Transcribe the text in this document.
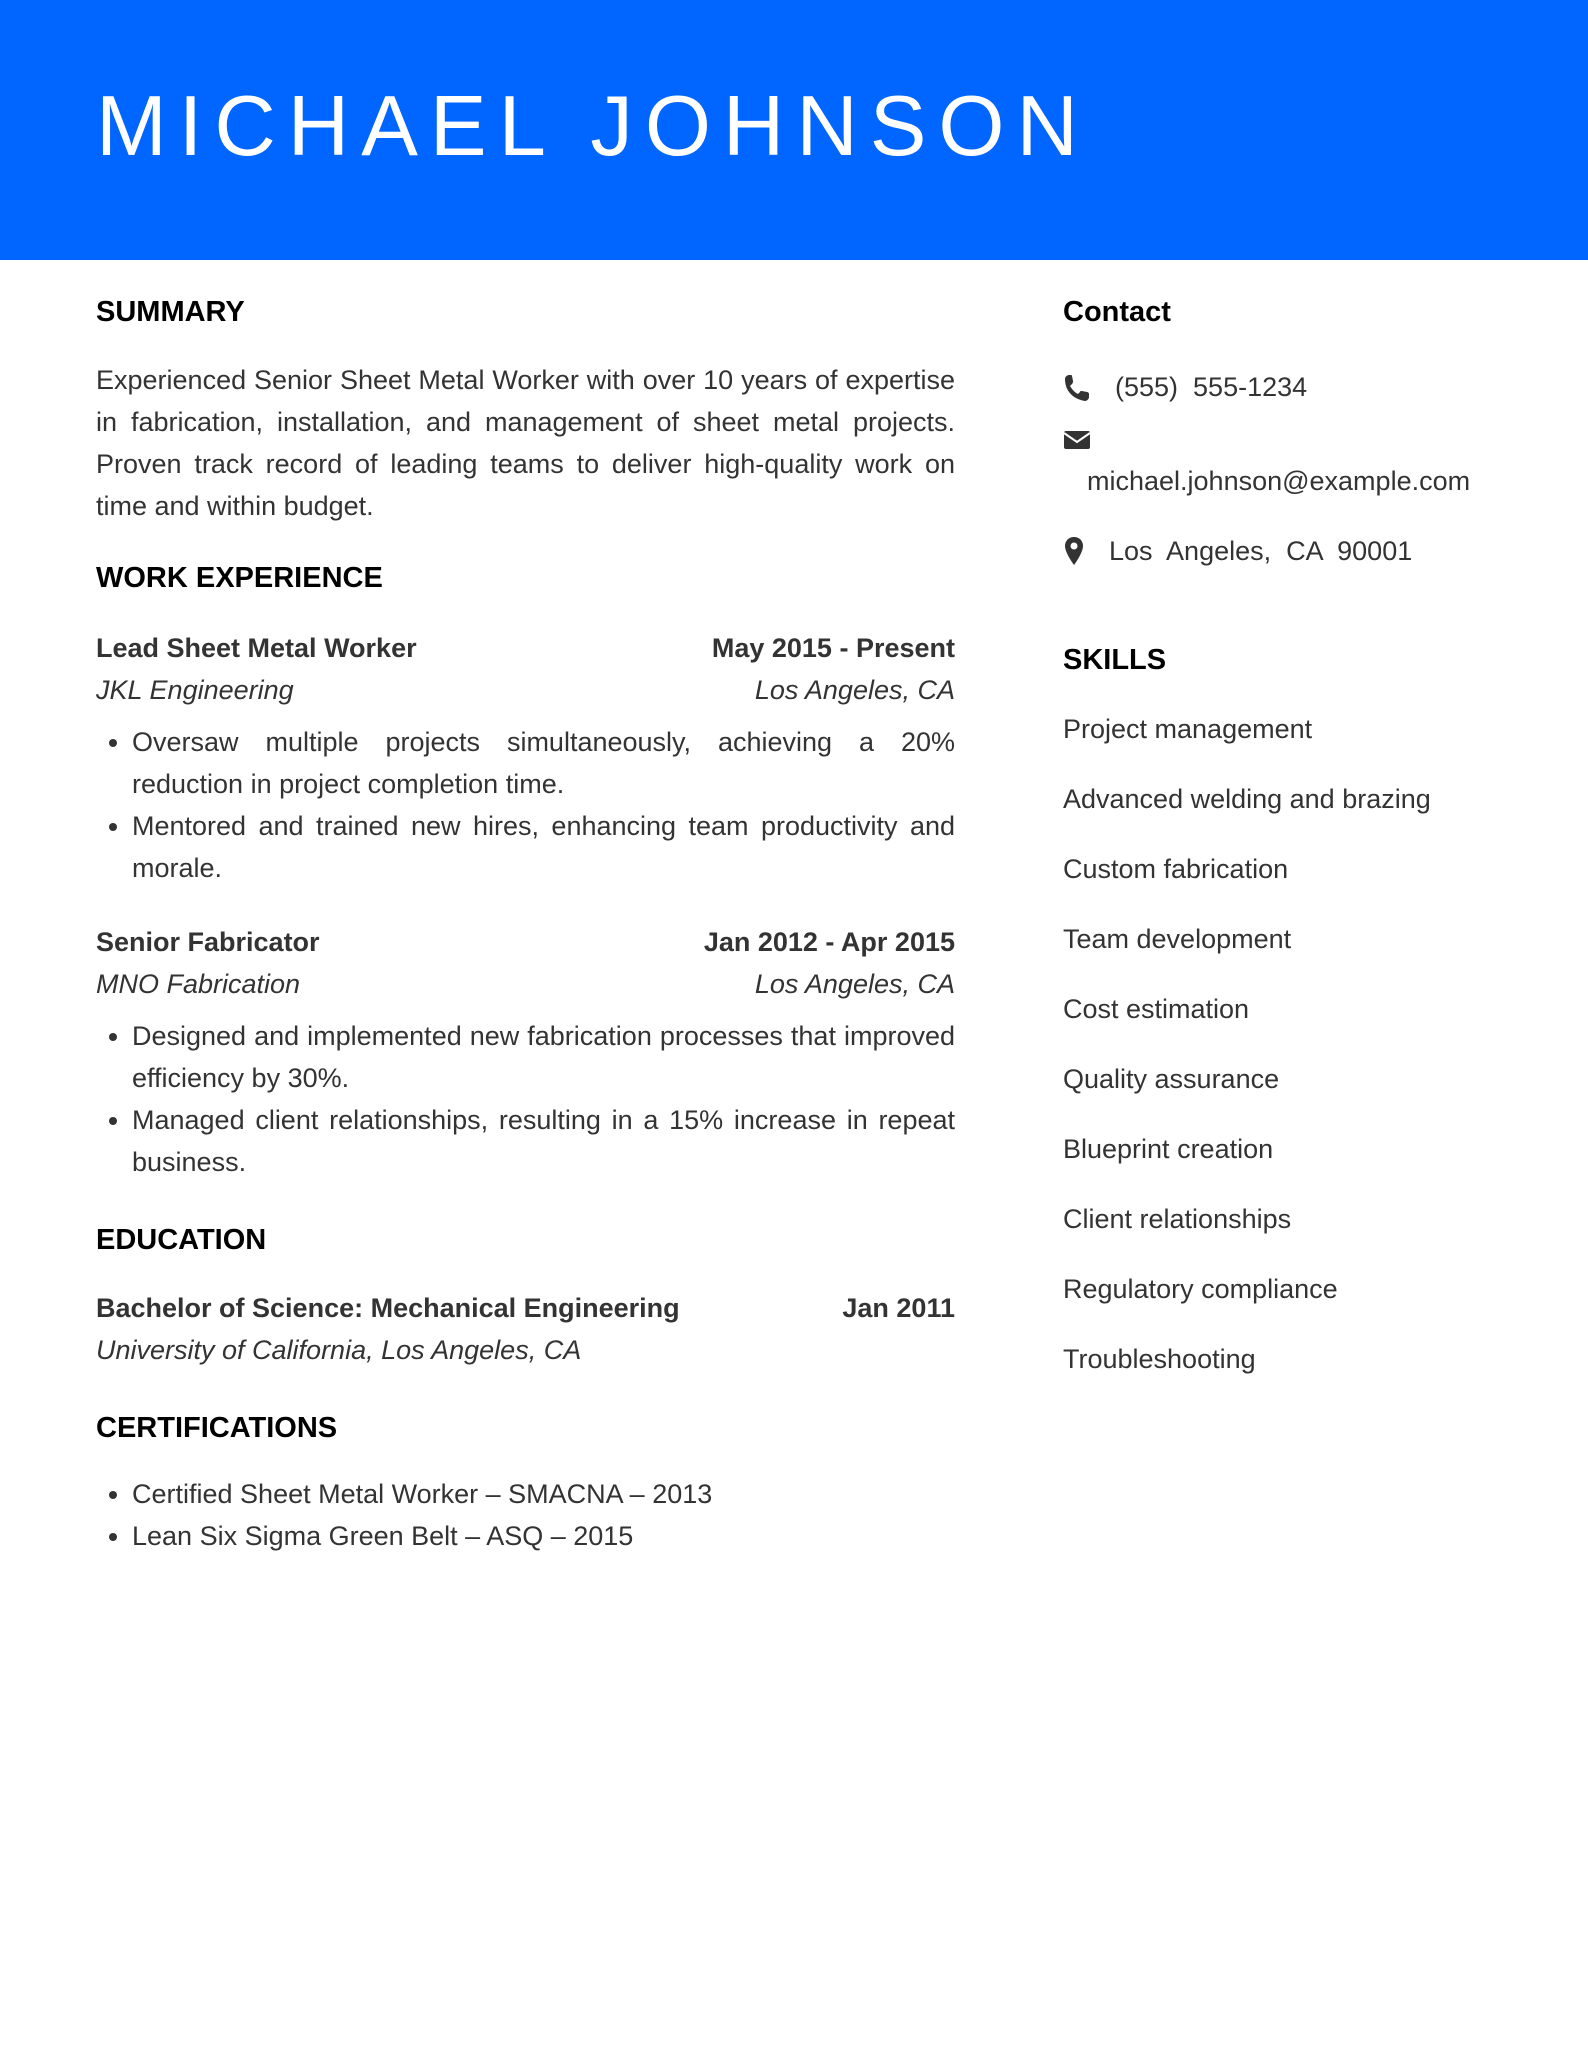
MICHAEL JOHNSON
SUMMARY

Experienced Senior Sheet Metal Worker with over 10 years of expertise in fabrication, installation, and management of sheet metal projects. Proven track record of leading teams to deliver high-quality work on time and within budget.

WORK EXPERIENCE
Lead Sheet Metal Worker	May 2015 - Present
JKL Engineering	Los Angeles, CA
• Oversaw multiple projects simultaneously, achieving a 20% reduction in project completion time.
• Mentored and trained new hires, enhancing team productivity and morale.
Senior Fabricator	Jan 2012 - Apr 2015
MNO Fabrication	Los Angeles, CA
• Designed and implemented new fabrication processes that improved efficiency by 30%.
• Managed client relationships, resulting in a 15% increase in repeat business.
EDUCATION
Bachelor of Science: Mechanical Engineering	Jan 2011
University of California, Los Angeles, CA
CERTIFICATIONS
• Certified Sheet Metal Worker – SMACNA – 2013
• Lean Six Sigma Green Belt – ASQ – 2015
Contact
(555)  555-1234
michael.johnson@example.com
Los  Angeles,  CA  90001
SKILLS
Project management
Advanced welding and brazing
Custom fabrication
Team development
Cost estimation
Quality assurance
Blueprint creation
Client relationships
Regulatory compliance
Troubleshooting
